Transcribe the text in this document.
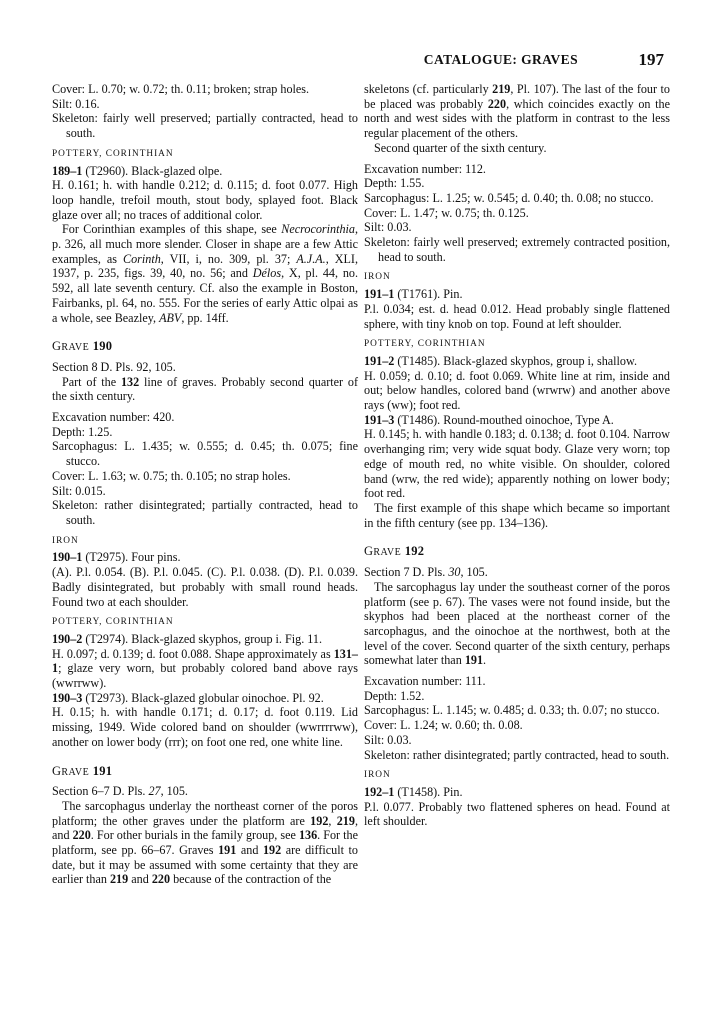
CATALOGUE: GRAVES	197

Cover: L. 0.70; w. 0.72; th. 0.11; broken; strap holes.

Silt: 0.16.

Skeleton: fairly well preserved; partially contracted, head to south.

POTTERY, CORINTHIAN

189–1 (T2960). Black-glazed olpe.

H. 0.161; h. with handle 0.212; d. 0.115; d. foot 0.077. High loop handle, trefoil mouth, stout body, splayed foot. Black glaze over all; no traces of additional color.

For Corinthian examples of this shape, see Necrocorinthia, p. 326, all much more slender. Closer in shape are a few Attic examples, as Corinth, VII, i, no. 309, pl. 37; A.J.A., XLI, 1937, p. 235, figs. 39, 40, no. 56; and Délos, X, pl. 44, no. 592, all late seventh century. Cf. also the example in Boston, Fairbanks, pl. 64, no. 555. For the series of early Attic olpai as a whole, see Beazley, ABV, pp. 14ff.

GRAVE 190

Section 8 D. Pls. 92, 105.

Part of the 132 line of graves. Probably second quarter of the sixth century.

Excavation number: 420.

Depth: 1.25.

Sarcophagus: L. 1.435; w. 0.555; d. 0.45; th. 0.075; fine stucco.

Cover: L. 1.63; w. 0.75; th. 0.105; no strap holes.

Silt: 0.015.

Skeleton: rather disintegrated; partially contracted, head to south.

IRON

190–1 (T2975). Four pins.

(A). P.l. 0.054. (B). P.l. 0.045. (C). P.l. 0.038. (D). P.l. 0.039. Badly disintegrated, but probably with small round heads. Found two at each shoulder.

POTTERY, CORINTHIAN

190–2 (T2974). Black-glazed skyphos, group i. Fig. 11.

H. 0.097; d. 0.139; d. foot 0.088. Shape approximately as 131–1; glaze very worn, but probably colored band above rays (wwrrww).

190–3 (T2973). Black-glazed globular oinochoe. Pl. 92.

H. 0.15; h. with handle 0.171; d. 0.17; d. foot 0.119. Lid missing, 1949. Wide colored band on shoulder (wwrrrrww), another on lower body (rrr); on foot one red, one white line.

GRAVE 191

Section 6–7 D. Pls. 27, 105.

The sarcophagus underlay the northeast corner of the poros platform; the other graves under the platform are 192, 219, and 220. For other burials in the family group, see 136. For the platform, see pp. 66–67. Graves 191 and 192 are difficult to date, but it may be assumed with some certainty that they are earlier than 219 and 220 because of the contraction of the

skeletons (cf. particularly 219, Pl. 107). The last of the four to be placed was probably 220, which coincides exactly on the north and west sides with the platform in contrast to the less regular placement of the others.

Second quarter of the sixth century.

Excavation number: 112.

Depth: 1.55.

Sarcophagus: L. 1.25; w. 0.545; d. 0.40; th. 0.08; no stucco.

Cover: L. 1.47; w. 0.75; th. 0.125.

Silt: 0.03.

Skeleton: fairly well preserved; extremely contracted position, head to south.

IRON

191–1 (T1761). Pin.

P.l. 0.034; est. d. head 0.012. Head probably single flattened sphere, with tiny knob on top. Found at left shoulder.

POTTERY, CORINTHIAN

191–2 (T1485). Black-glazed skyphos, group i, shallow.

H. 0.059; d. 0.10; d. foot 0.069. White line at rim, inside and out; below handles, colored band (wrwrw) and another above rays (ww); foot red.

191–3 (T1486). Round-mouthed oinochoe, Type A.

H. 0.145; h. with handle 0.183; d. 0.138; d. foot 0.104. Narrow overhanging rim; very wide squat body. Glaze very worn; top edge of mouth red, no white visible. On shoulder, colored band (wrw, the red wide); apparently nothing on lower body; foot red.

The first example of this shape which became so important in the fifth century (see pp. 134–136).

GRAVE 192

Section 7 D. Pls. 30, 105.

The sarcophagus lay under the southeast corner of the poros platform (see p. 67). The vases were not found inside, but the skyphos had been placed at the northeast corner of the sarcophagus, and the oinochoe at the northwest, both at the level of the cover. Second quarter of the sixth century, perhaps somewhat later than 191.

Excavation number: 111.

Depth: 1.52.

Sarcophagus: L. 1.145; w. 0.485; d. 0.33; th. 0.07; no stucco.

Cover: L. 1.24; w. 0.60; th. 0.08.

Silt: 0.03.

Skeleton: rather disintegrated; partly contracted, head to south.

IRON

192–1 (T1458). Pin.

P.l. 0.077. Probably two flattened spheres on head. Found at left shoulder.
